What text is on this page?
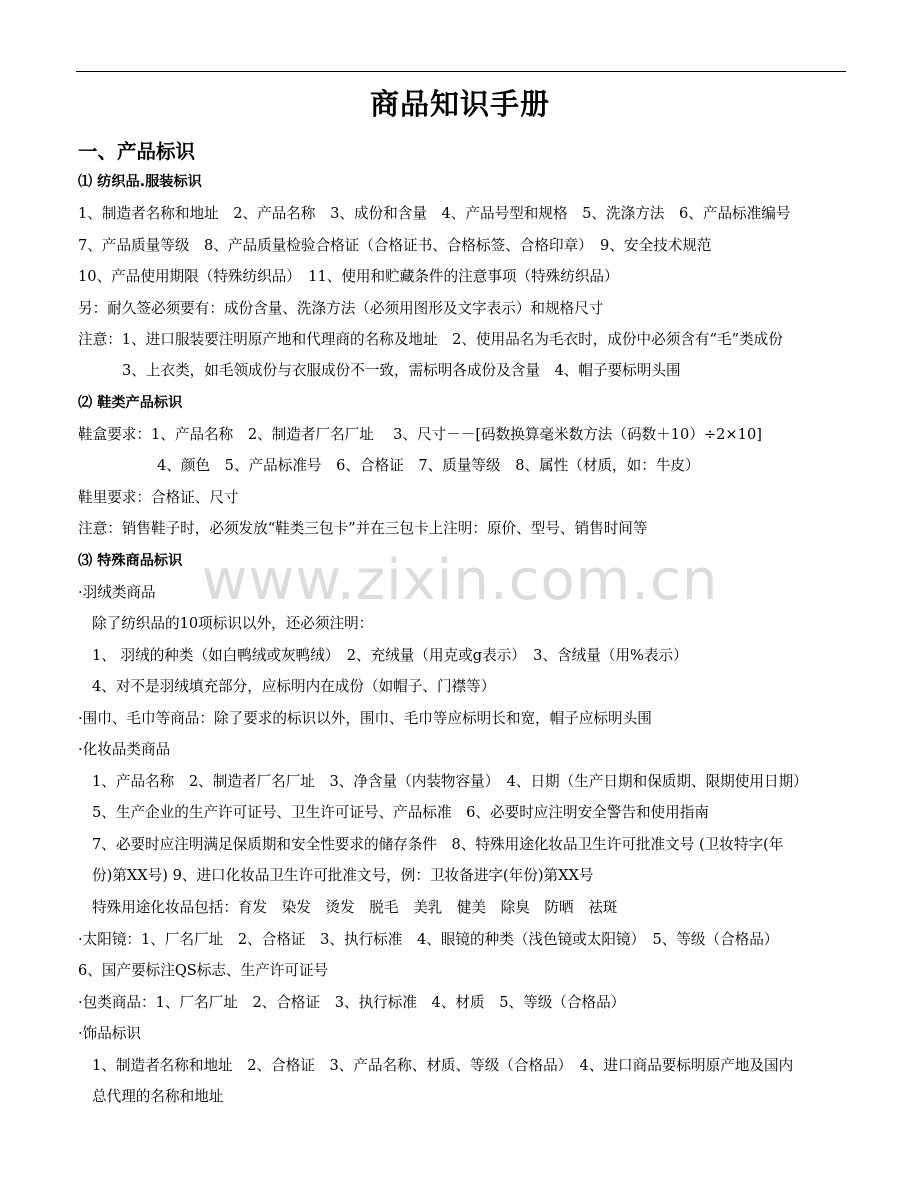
商品知识手册
一、产品标识
www.zixin.com.cn
⑴ 纺织品.服装标识
1、制造者名称和地址　2、产品名称　3、成份和含量　4、产品号型和规格　5、洗涤方法　6、产品标准编号
7、产品质量等级　8、产品质量检验合格证（合格证书、合格标签、合格印章）　9、安全技术规范
10、产品使用期限（特殊纺织品）　11、使用和贮藏条件的注意事项（特殊纺织品）
另：耐久签必须要有：成份含量、洗涤方法（必须用图形及文字表示）和规格尺寸
注意：1、进口服装要注明原产地和代理商的名称及地址　2、使用品名为毛衣时，成份中必须含有“毛”类成份
3、上衣类，如毛领成份与衣服成份不一致，需标明各成份及含量　4、帽子要标明头围
⑵ 鞋类产品标识
鞋盒要求：1、产品名称　2、制造者厂名厂址　 3、尺寸－－[码数换算毫米数方法（码数＋10）÷2×10]
4、颜色　5、产品标准号　6、合格证　7、质量等级　8、属性（材质，如：牛皮）
鞋里要求：合格证、尺寸
注意：销售鞋子时，必须发放“鞋类三包卡”并在三包卡上注明：原价、型号、销售时间等
⑶ 特殊商品标识
·羽绒类商品
除了纺织品的10项标识以外，还必须注明：
1、 羽绒的种类（如白鸭绒或灰鸭绒）　2、充绒量（用克或g表示）　3、含绒量（用%表示）
4、对不是羽绒填充部分，应标明内在成份（如帽子、门襟等）
·围巾、毛巾等商品：除了要求的标识以外，围巾、毛巾等应标明长和宽，帽子应标明头围
·化妆品类商品
1、产品名称　2、制造者厂名厂址　3、净含量（内装物容量）　4、日期（生产日期和保质期、限期使用日期）
5、生产企业的生产许可证号、卫生许可证号、产品标准　6、必要时应注明安全警告和使用指南
7、必要时应注明满足保质期和安全性要求的储存条件　8、特殊用途化妆品卫生许可批准文号 (卫妆特字(年
份)第XX号) 9、进口化妆品卫生许可批准文号，例：卫妆备进字(年份)第XX号
特殊用途化妆品包括：育发　染发　烫发　脱毛　美乳　健美　除臭　防晒　祛斑
·太阳镜：1、厂名厂址　2、合格证　3、执行标准　4、眼镜的种类（浅色镜或太阳镜）　5、等级（合格品）
6、国产要标注QS标志、生产许可证号
·包类商品：1、厂名厂址　2、合格证　3、执行标准　4、材质　5、等级（合格品）
·饰品标识
1、制造者名称和地址　2、合格证　3、产品名称、材质、等级（合格品）　4、进口商品要标明原产地及国内
总代理的名称和地址
